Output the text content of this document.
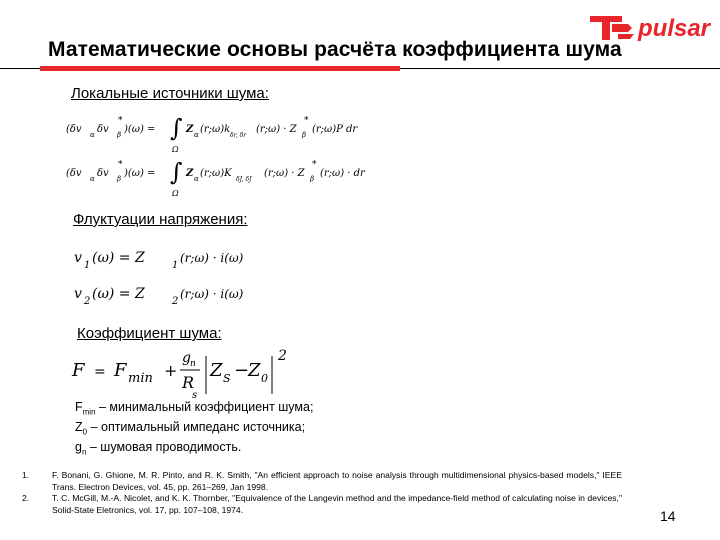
pulsar
Математические основы расчёта коэффициента шума
Локальные источники шума:
(δv α δv β
*
)(ω) = ∫
Ω
Z α (r;ω)k
δr, δr
(r;ω) · Z β
*
(r;ω)P dr
(δv α δv β
*
)(ω) = ∫
Ω
Z α (r;ω)K
δJ, δJ
(r;ω) · Z β
*
(r;ω) · dr
Флуктуации напряжения:
v 1 (ω) = Z	1
(r;ω) · i(ω)
v 2 (ω) = Z	2
(r;ω) · i(ω)
Коэффициент шума:
F = F min +
g n
R
s
Z S −
Z 0
2
$F_{min}$ – минимальный коэффициент шума;
$Z_0$ – оптимальный импеданс источника;
$g_n$ – шумовая проводимость.
1.	F. Bonani, G. Ghione, M. R. Pinto, and R. K. Smith, "An efficient approach to noise analysis through multidimensional physics-based models," IEEE Trans. Electron Devices, vol. 45, pp. 261–269, Jan 1998.
2.	T. C. McGill, M.-A. Nicolet, and K. K. Thornber, "Equivalence of the Langevin method and the impedance-field method of calculating noise in devices," Solid-State Eletronics, vol. 17, pp. 107–108, 1974.	14
